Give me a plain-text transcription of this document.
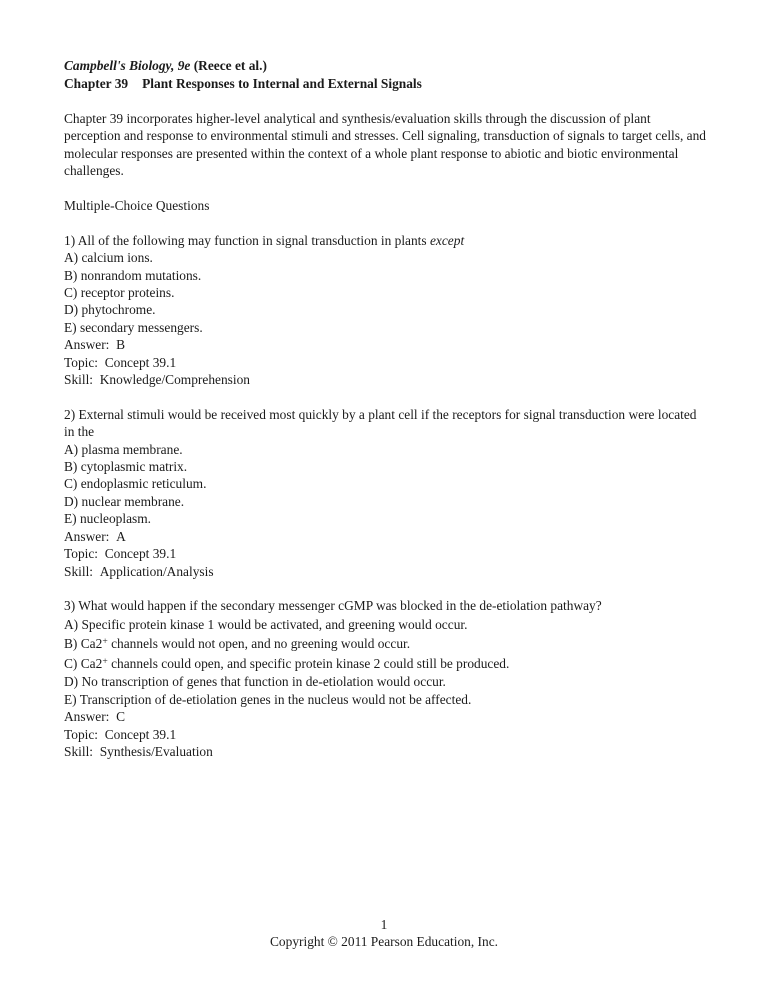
Campbell's Biology, 9e (Reece et al.)
Chapter 39 Plant Responses to Internal and External Signals
Chapter 39 incorporates higher-level analytical and synthesis/evaluation skills through the discussion of plant perception and response to environmental stimuli and stresses. Cell signaling, transduction of signals to target cells, and molecular responses are presented within the context of a whole plant response to abiotic and biotic environmental challenges.
Multiple-Choice Questions
1) All of the following may function in signal transduction in plants except
A) calcium ions.
B) nonrandom mutations.
C) receptor proteins.
D) phytochrome.
E) secondary messengers.
Answer: B
Topic: Concept 39.1
Skill: Knowledge/Comprehension
2) External stimuli would be received most quickly by a plant cell if the receptors for signal transduction were located in the
A) plasma membrane.
B) cytoplasmic matrix.
C) endoplasmic reticulum.
D) nuclear membrane.
E) nucleoplasm.
Answer: A
Topic: Concept 39.1
Skill: Application/Analysis
3) What would happen if the secondary messenger cGMP was blocked in the de-etiolation pathway?
A) Specific protein kinase 1 would be activated, and greening would occur.
B) Ca2+ channels would not open, and no greening would occur.
C) Ca2+ channels could open, and specific protein kinase 2 could still be produced.
D) No transcription of genes that function in de-etiolation would occur.
E) Transcription of de-etiolation genes in the nucleus would not be affected.
Answer: C
Topic: Concept 39.1
Skill: Synthesis/Evaluation
1
Copyright © 2011 Pearson Education, Inc.
